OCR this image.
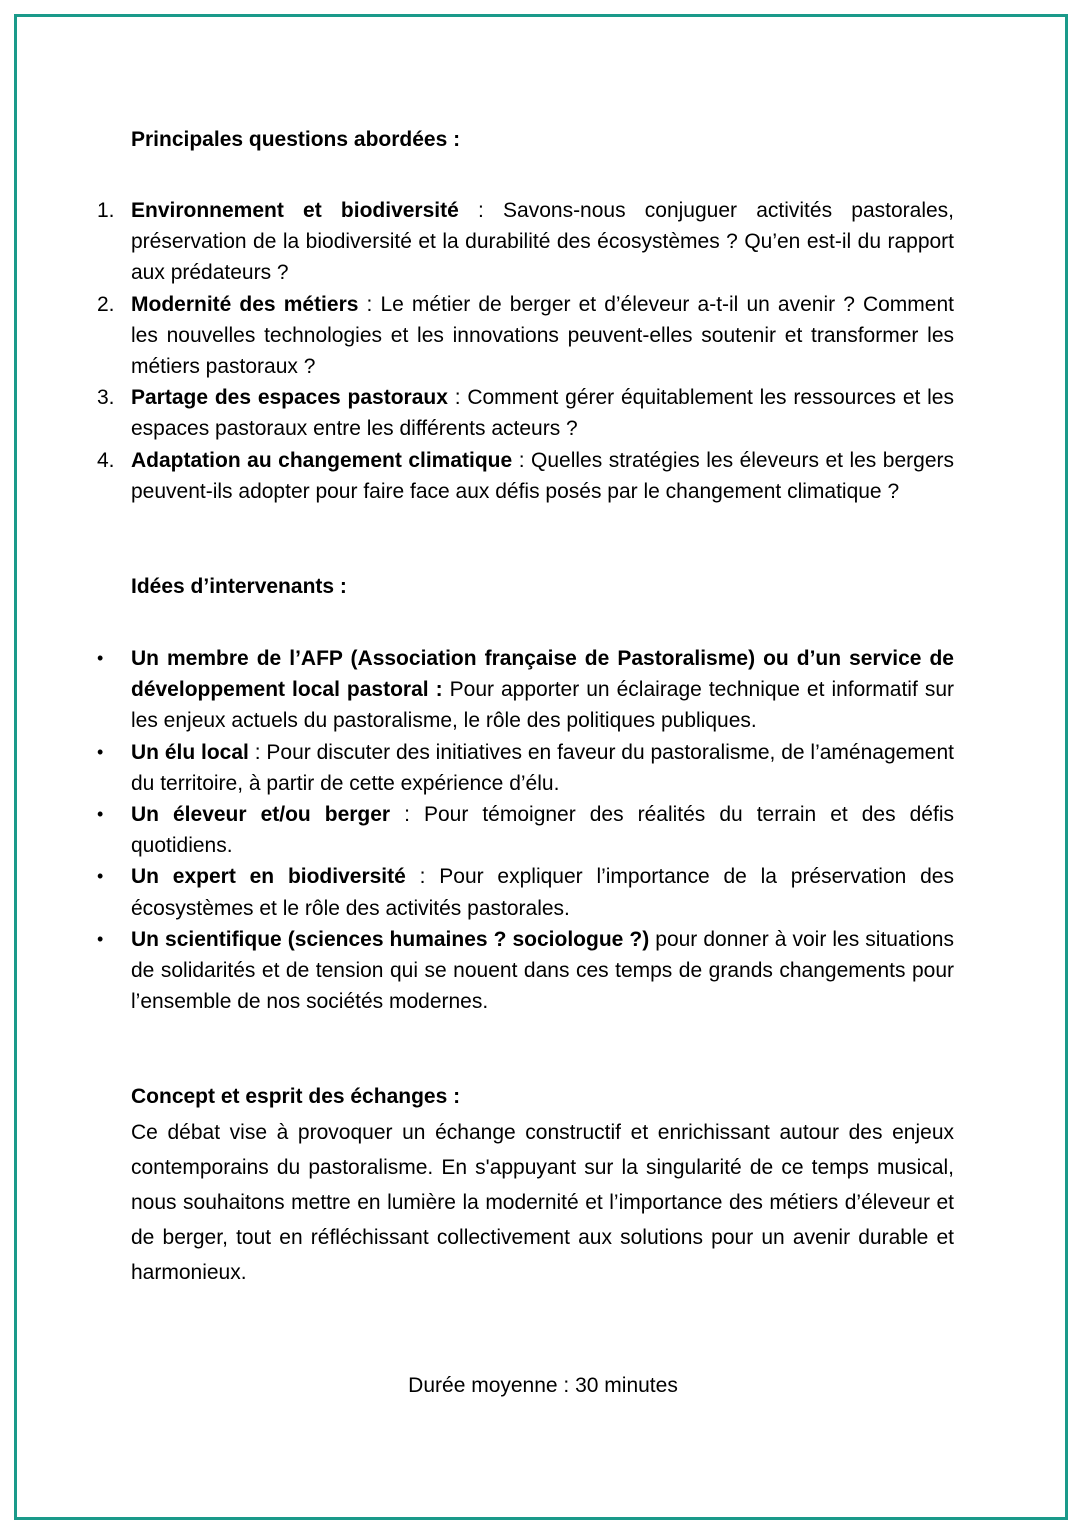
Principales questions abordées :
1. Environnement et biodiversité : Savons-nous conjuguer activités pastorales, préservation de la biodiversité et la durabilité des écosystèmes ? Qu’en est-il du rapport aux prédateurs ?
2. Modernité des métiers : Le métier de berger et d’éleveur a-t-il un avenir ? Comment les nouvelles technologies et les innovations peuvent-elles soutenir et transformer les métiers pastoraux ?
3. Partage des espaces pastoraux : Comment gérer équitablement les ressources et les espaces pastoraux entre les différents acteurs ?
4. Adaptation au changement climatique : Quelles stratégies les éleveurs et les bergers peuvent-ils adopter pour faire face aux défis posés par le changement climatique ?
Idées d’intervenants :
•	Un membre de l’AFP (Association française de Pastoralisme) ou d’un service de développement local pastoral : Pour apporter un éclairage technique et informatif sur les enjeux actuels du pastoralisme, le rôle des politiques publiques.
•	Un élu local : Pour discuter des initiatives en faveur du pastoralisme, de l’aménagement du territoire, à partir de cette expérience d’élu.
•	Un éleveur et/ou berger : Pour témoigner des réalités du terrain et des défis quotidiens.
•	Un expert en biodiversité : Pour expliquer l’importance de la préservation des écosystèmes et le rôle des activités pastorales.
•	Un scientifique (sciences humaines ? sociologue ?) pour donner à voir les situations de solidarités et de tension qui se nouent dans ces temps de grands changements pour l’ensemble de nos sociétés modernes.
Concept et esprit des échanges :
Ce débat vise à provoquer un échange constructif et enrichissant autour des enjeux contemporains du pastoralisme. En s'appuyant sur la singularité de ce temps musical, nous souhaitons mettre en lumière la modernité et l’importance des métiers d’éleveur et de berger, tout en réfléchissant collectivement aux solutions pour un avenir durable et harmonieux.
Durée moyenne : 30 minutes
